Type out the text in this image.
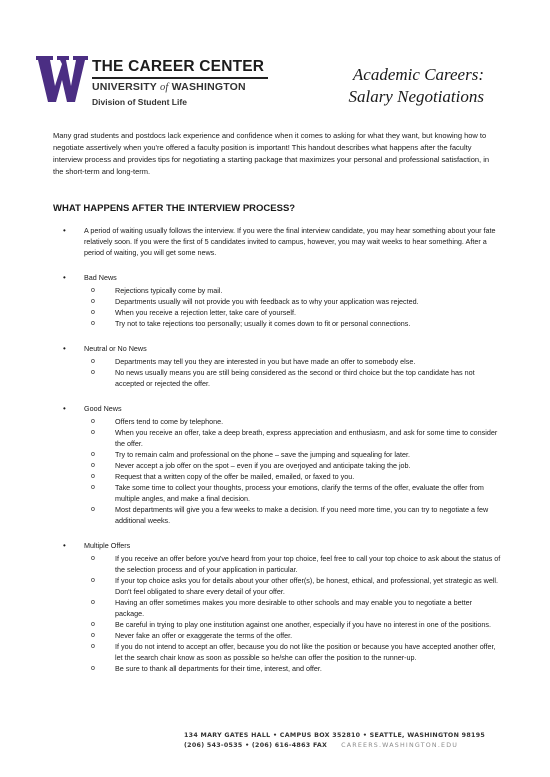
THE CAREER CENTER
UNIVERSITY of WASHINGTON
Division of Student Life
Academic Careers:
Salary Negotiations

Many grad students and postdocs lack experience and confidence when it comes to asking for what they want, but knowing how to negotiate assertively when you're offered a faculty position is important! This handout describes what happens after the faculty interview process and provides tips for negotiating a starting package that maximizes your personal and professional satisfaction, in the short-term and long-term.

WHAT HAPPENS AFTER THE INTERVIEW PROCESS?
• A period of waiting usually follows the interview. If you were the final interview candidate, you may hear something about your fate relatively soon. If you were the first of 5 candidates invited to campus, however, you may wait weeks to hear something. After a period of waiting, you will get some news.
• Bad News
o Rejections typically come by mail.
o Departments usually will not provide you with feedback as to why your application was rejected.
o When you receive a rejection letter, take care of yourself.
o Try not to take rejections too personally; usually it comes down to fit or personal connections.
• Neutral or No News
o Departments may tell you they are interested in you but have made an offer to somebody else.
o No news usually means you are still being considered as the second or third choice but the top candidate has not accepted or rejected the offer.
• Good News
o Offers tend to come by telephone.
o When you receive an offer, take a deep breath, express appreciation and enthusiasm, and ask for some time to consider the offer.
o Try to remain calm and professional on the phone – save the jumping and squealing for later.
o Never accept a job offer on the spot – even if you are overjoyed and anticipate taking the job.
o Request that a written copy of the offer be mailed, emailed, or faxed to you.
o Take some time to collect your thoughts, process your emotions, clarify the terms of the offer, evaluate the offer from multiple angles, and make a final decision.
o Most departments will give you a few weeks to make a decision. If you need more time, you can try to negotiate a few additional weeks.
• Multiple Offers
o If you receive an offer before you've heard from your top choice, feel free to call your top choice to ask about the status of the selection process and of your application in particular.
o If your top choice asks you for details about your other offer(s), be honest, ethical, and professional, yet strategic as well. Don't feel obligated to share every detail of your offer.
o Having an offer sometimes makes you more desirable to other schools and may enable you to negotiate a better package.
o Be careful in trying to play one institution against one another, especially if you have no interest in one of the positions.
o Never fake an offer or exaggerate the terms of the offer.
o If you do not intend to accept an offer, because you do not like the position or because you have accepted another offer, let the search chair know as soon as possible so he/she can offer the position to the runner-up.
o Be sure to thank all departments for their time, interest, and offer.
134 MARY GATES HALL • CAMPUS BOX 352810 • SEATTLE, WASHINGTON 98195
(206) 543-0535 • (206) 616-4863 FAX CAREERS.WASHINGTON.EDU
